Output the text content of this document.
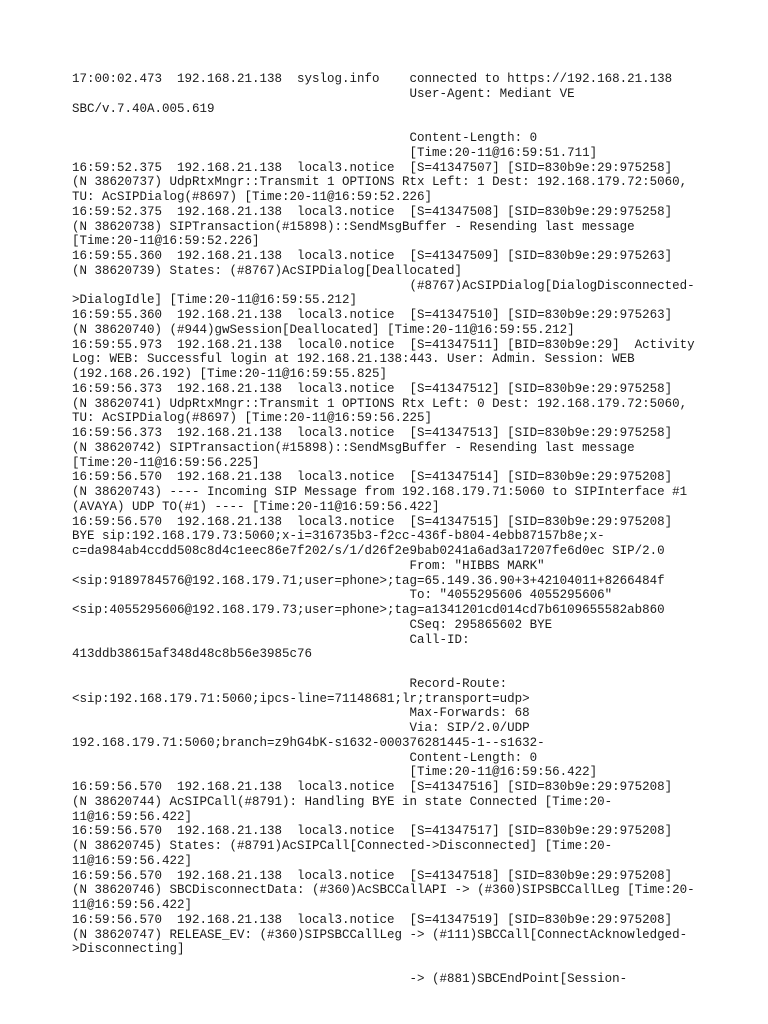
17:00:02.473  192.168.21.138  syslog.info    connected to https://192.168.21.138
User-Agent: Mediant VE
SBC/v.7.40A.005.619
Content-Length: 0
[Time:20-11@16:59:51.711]
16:59:52.375  192.168.21.138  local3.notice  [S=41347507] [SID=830b9e:29:975258]
(N 38620737) UdpRtxMngr::Transmit 1 OPTIONS Rtx Left: 1 Dest: 192.168.179.72:5060,
TU: AcSIPDialog(#8697) [Time:20-11@16:59:52.226]
16:59:52.375  192.168.21.138  local3.notice  [S=41347508] [SID=830b9e:29:975258]
(N 38620738) SIPTransaction(#15898)::SendMsgBuffer - Resending last message
[Time:20-11@16:59:52.226]
16:59:55.360  192.168.21.138  local3.notice  [S=41347509] [SID=830b9e:29:975263]
(N 38620739) States: (#8767)AcSIPDialog[Deallocated]
(#8767)AcSIPDialog[DialogDisconnected-
>DialogIdle] [Time:20-11@16:59:55.212]
16:59:55.360  192.168.21.138  local3.notice  [S=41347510] [SID=830b9e:29:975263]
(N 38620740) (#944)gwSession[Deallocated] [Time:20-11@16:59:55.212]
16:59:55.973  192.168.21.138  local0.notice  [S=41347511] [BID=830b9e:29]  Activity
Log: WEB: Successful login at 192.168.21.138:443. User: Admin. Session: WEB
(192.168.26.192) [Time:20-11@16:59:55.825]
16:59:56.373  192.168.21.138  local3.notice  [S=41347512] [SID=830b9e:29:975258]
(N 38620741) UdpRtxMngr::Transmit 1 OPTIONS Rtx Left: 0 Dest: 192.168.179.72:5060,
TU: AcSIPDialog(#8697) [Time:20-11@16:59:56.225]
16:59:56.373  192.168.21.138  local3.notice  [S=41347513] [SID=830b9e:29:975258]
(N 38620742) SIPTransaction(#15898)::SendMsgBuffer - Resending last message
[Time:20-11@16:59:56.225]
16:59:56.570  192.168.21.138  local3.notice  [S=41347514] [SID=830b9e:29:975208]
(N 38620743) ---- Incoming SIP Message from 192.168.179.71:5060 to SIPInterface #1
(AVAYA) UDP TO(#1) ---- [Time:20-11@16:59:56.422]
16:59:56.570  192.168.21.138  local3.notice  [S=41347515] [SID=830b9e:29:975208]
BYE sip:192.168.179.73:5060;x-i=316735b3-f2cc-436f-b804-4ebb87157b8e;x-
c=da984ab4ccdd508c8d4c1eec86e7f202/s/1/d26f2e9bab0241a6ad3a17207fe6d0ec SIP/2.0
From: "HIBBS MARK"
<sip:9189784576@192.168.179.71;user=phone>;tag=65.149.36.90+3+42104011+8266484f
To: "4055295606 4055295606"
<sip:4055295606@192.168.179.73;user=phone>;tag=a1341201cd014cd7b6109655582ab860
CSeq: 295865602 BYE
Call-ID:
413ddb38615af348d48c8b56e3985c76
Record-Route:
<sip:192.168.179.71:5060;ipcs-line=71148681;lr;transport=udp>
Max-Forwards: 68
Via: SIP/2.0/UDP
192.168.179.71:5060;branch=z9hG4bK-s1632-000376281445-1--s1632-
Content-Length: 0
[Time:20-11@16:59:56.422]
16:59:56.570  192.168.21.138  local3.notice  [S=41347516] [SID=830b9e:29:975208]
(N 38620744) AcSIPCall(#8791): Handling BYE in state Connected [Time:20-
11@16:59:56.422]
16:59:56.570  192.168.21.138  local3.notice  [S=41347517] [SID=830b9e:29:975208]
(N 38620745) States: (#8791)AcSIPCall[Connected->Disconnected] [Time:20-
11@16:59:56.422]
16:59:56.570  192.168.21.138  local3.notice  [S=41347518] [SID=830b9e:29:975208]
(N 38620746) SBCDisconnectData: (#360)AcSBCCallAPI -> (#360)SIPSBCCallLeg [Time:20-
11@16:59:56.422]
16:59:56.570  192.168.21.138  local3.notice  [S=41347519] [SID=830b9e:29:975208]
(N 38620747) RELEASE_EV: (#360)SIPSBCCallLeg -> (#111)SBCCall[ConnectAcknowledged-
>Disconnecting]
-> (#881)SBCEndPoint[Session-
